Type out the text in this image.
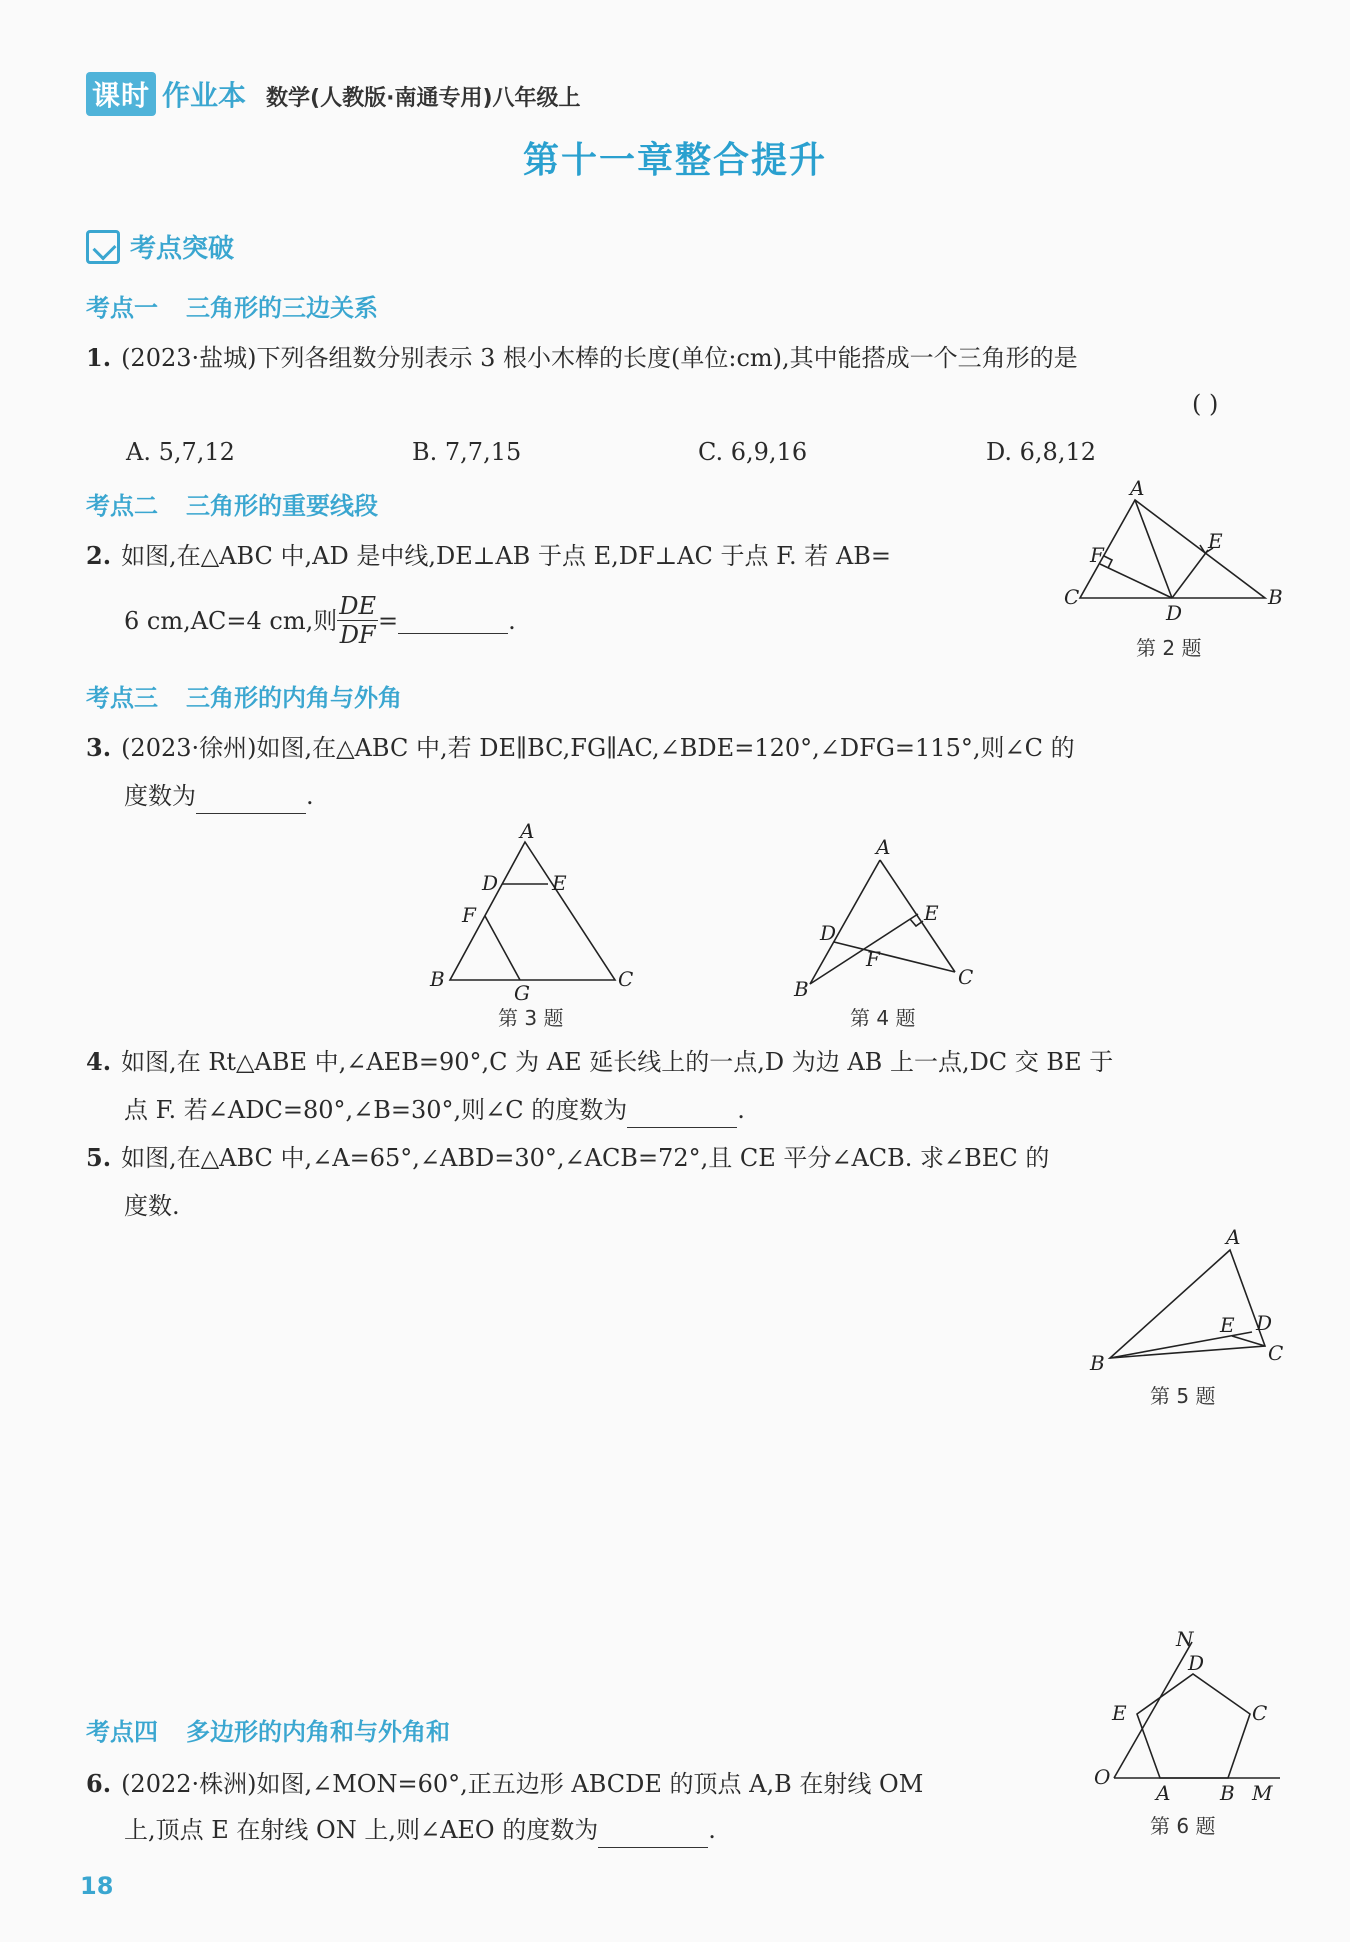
课时 作业本 数学(人教版·南通专用)八年级上
第十一章整合提升
考点突破
考点一 三角形的三边关系
1. (2023·盐城)下列各组数分别表示 3 根小木棒的长度(单位:cm),其中能搭成一个三角形的是
( )
A. 5,7,12	B. 7,7,15	C. 6,9,16	D. 6,8,12
考点二 三角形的重要线段
2. 如图,在△ABC 中,AD 是中线,DE⊥AB 于点 E,DF⊥AC 于点 F. 若 AB=
6 cm,AC=4 cm,则 $\frac{DE}{DF}$ =	.
A
C	B
D
E
F
第 2 题
考点三 三角形的内角与外角
3. (2023·徐州)如图,在△ABC 中,若 DE∥BC,FG∥AC,∠BDE=120°,∠DFG=115°,则∠C 的
度数为	.
A
D	E
F
B	C
G
第 3 题
A
E
D
F
B	C
第 4 题
4. 如图,在 Rt△ABE 中,∠AEB=90°,C 为 AE 延长线上的一点,D 为边 AB 上一点,DC 交 BE 于
点 F. 若∠ADC=80°,∠B=30°,则∠C 的度数为	.
5. 如图,在△ABC 中,∠A=65°,∠ABD=30°,∠ACB=72°,且 CE 平分∠ACB. 求∠BEC 的
度数.
A
E D
C
B
第 5 题
考点四 多边形的内角和与外角和
6. (2022·株洲)如图,∠MON=60°,正五边形 ABCDE 的顶点 A,B 在射线 OM
上,顶点 E 在射线 ON 上,则∠AEO 的度数为	.
N
D
E	C
O
A B M
第 6 题
18
